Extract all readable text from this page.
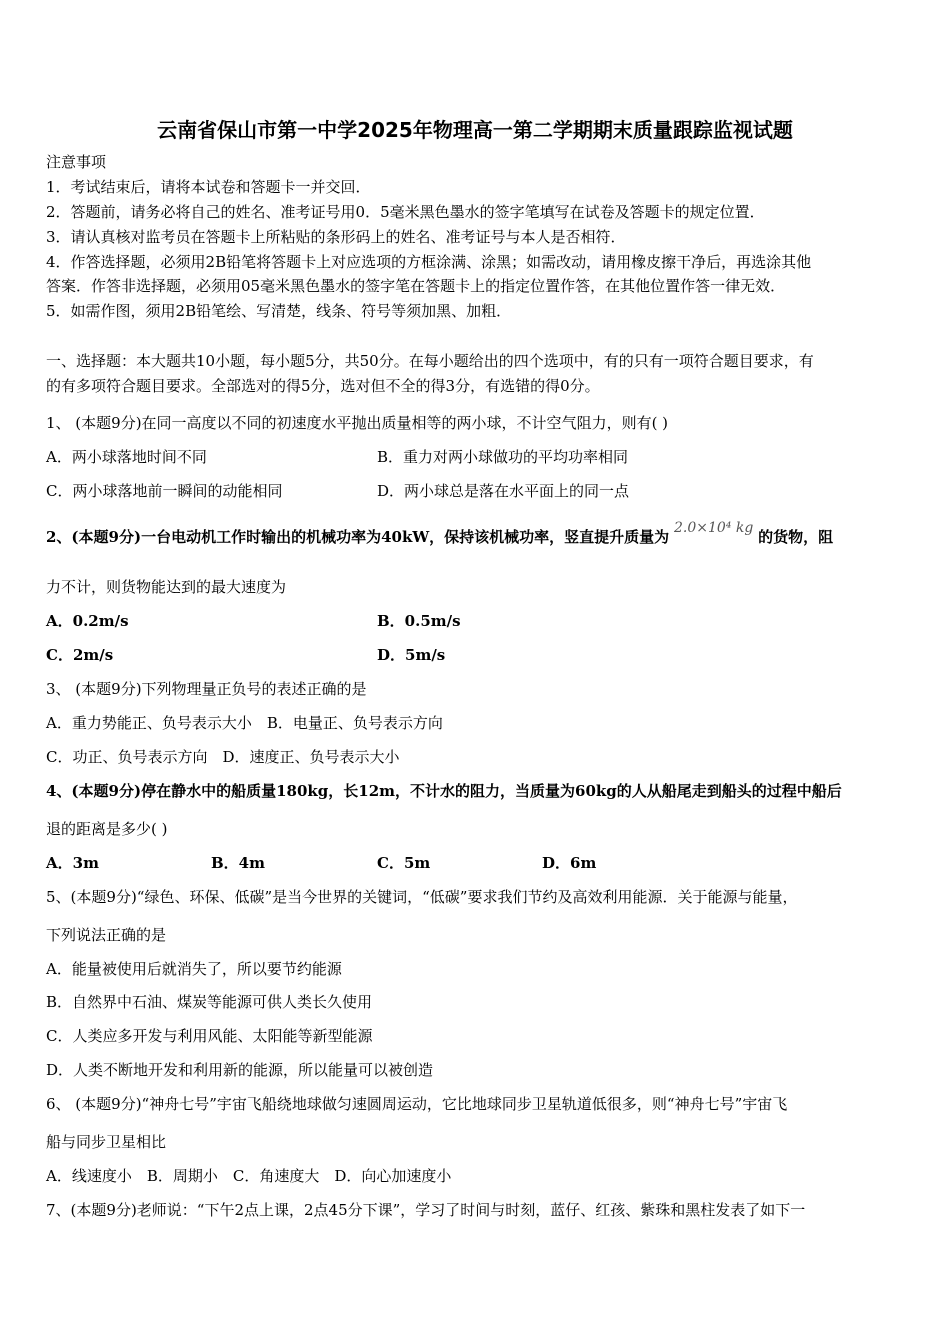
云南省保山市第一中学2025年物理高一第二学期期末质量跟踪监视试题
注意事项
1．考试结束后，请将本试卷和答题卡一并交回．
2．答题前，请务必将自己的姓名、准考证号用0．5毫米黑色墨水的签字笔填写在试卷及答题卡的规定位置．
3．请认真核对监考员在答题卡上所粘贴的条形码上的姓名、准考证号与本人是否相符．
4．作答选择题，必须用2B铅笔将答题卡上对应选项的方框涂满、涂黑；如需改动，请用橡皮擦干净后，再选涂其他
答案．作答非选择题，必须用05毫米黑色墨水的签字笔在答题卡上的指定位置作答，在其他位置作答一律无效．
5．如需作图，须用2B铅笔绘、写清楚，线条、符号等须加黑、加粗．
一、选择题：本大题共10小题，每小题5分，共50分。在每小题给出的四个选项中，有的只有一项符合题目要求，有
的有多项符合题目要求。全部选对的得5分，选对但不全的得3分，有选错的得0分。
1、 (本题9分)在同一高度以不同的初速度水平抛出质量相等的两小球，不计空气阻力，则有( )
A．两小球落地时间不同	B．重力对两小球做功的平均功率相同
C．两小球落地前一瞬间的动能相同	D．两小球总是落在水平面上的同一点
2、(本题9分)一台电动机工作时输出的机械功率为40kW，保持该机械功率，竖直提升质量为 2.0×10⁴ kg 的货物，阻
力不计，则货物能达到的最大速度为
A．0.2m/s	B．0.5m/s
C．2m/s	D．5m/s
3、 (本题9分)下列物理量正负号的表述正确的是
A．重力势能正、负号表示大小　B．电量正、负号表示方向
C．功正、负号表示方向　D．速度正、负号表示大小
4、(本题9分)停在静水中的船质量180kg，长12m，不计水的阻力，当质量为60kg的人从船尾走到船头的过程中船后
退的距离是多少( )
A．3m	B．4m	C．5m	D．6m
5、(本题9分)“绿色、环保、低碳”是当今世界的关键词，“低碳”要求我们节约及高效利用能源．关于能源与能量，
下列说法正确的是
A．能量被使用后就消失了，所以要节约能源
B．自然界中石油、煤炭等能源可供人类长久使用
C．人类应多开发与利用风能、太阳能等新型能源
D．人类不断地开发和利用新的能源，所以能量可以被创造
6、 (本题9分)“神舟七号”宇宙飞船绕地球做匀速圆周运动，它比地球同步卫星轨道低很多，则“神舟七号”宇宙飞
船与同步卫星相比
A．线速度小　B．周期小　C．角速度大　D．向心加速度小
7、(本题9分)老师说：“下午2点上课，2点45分下课”，学习了时间与时刻，蓝仔、红孩、紫珠和黑柱发表了如下一
